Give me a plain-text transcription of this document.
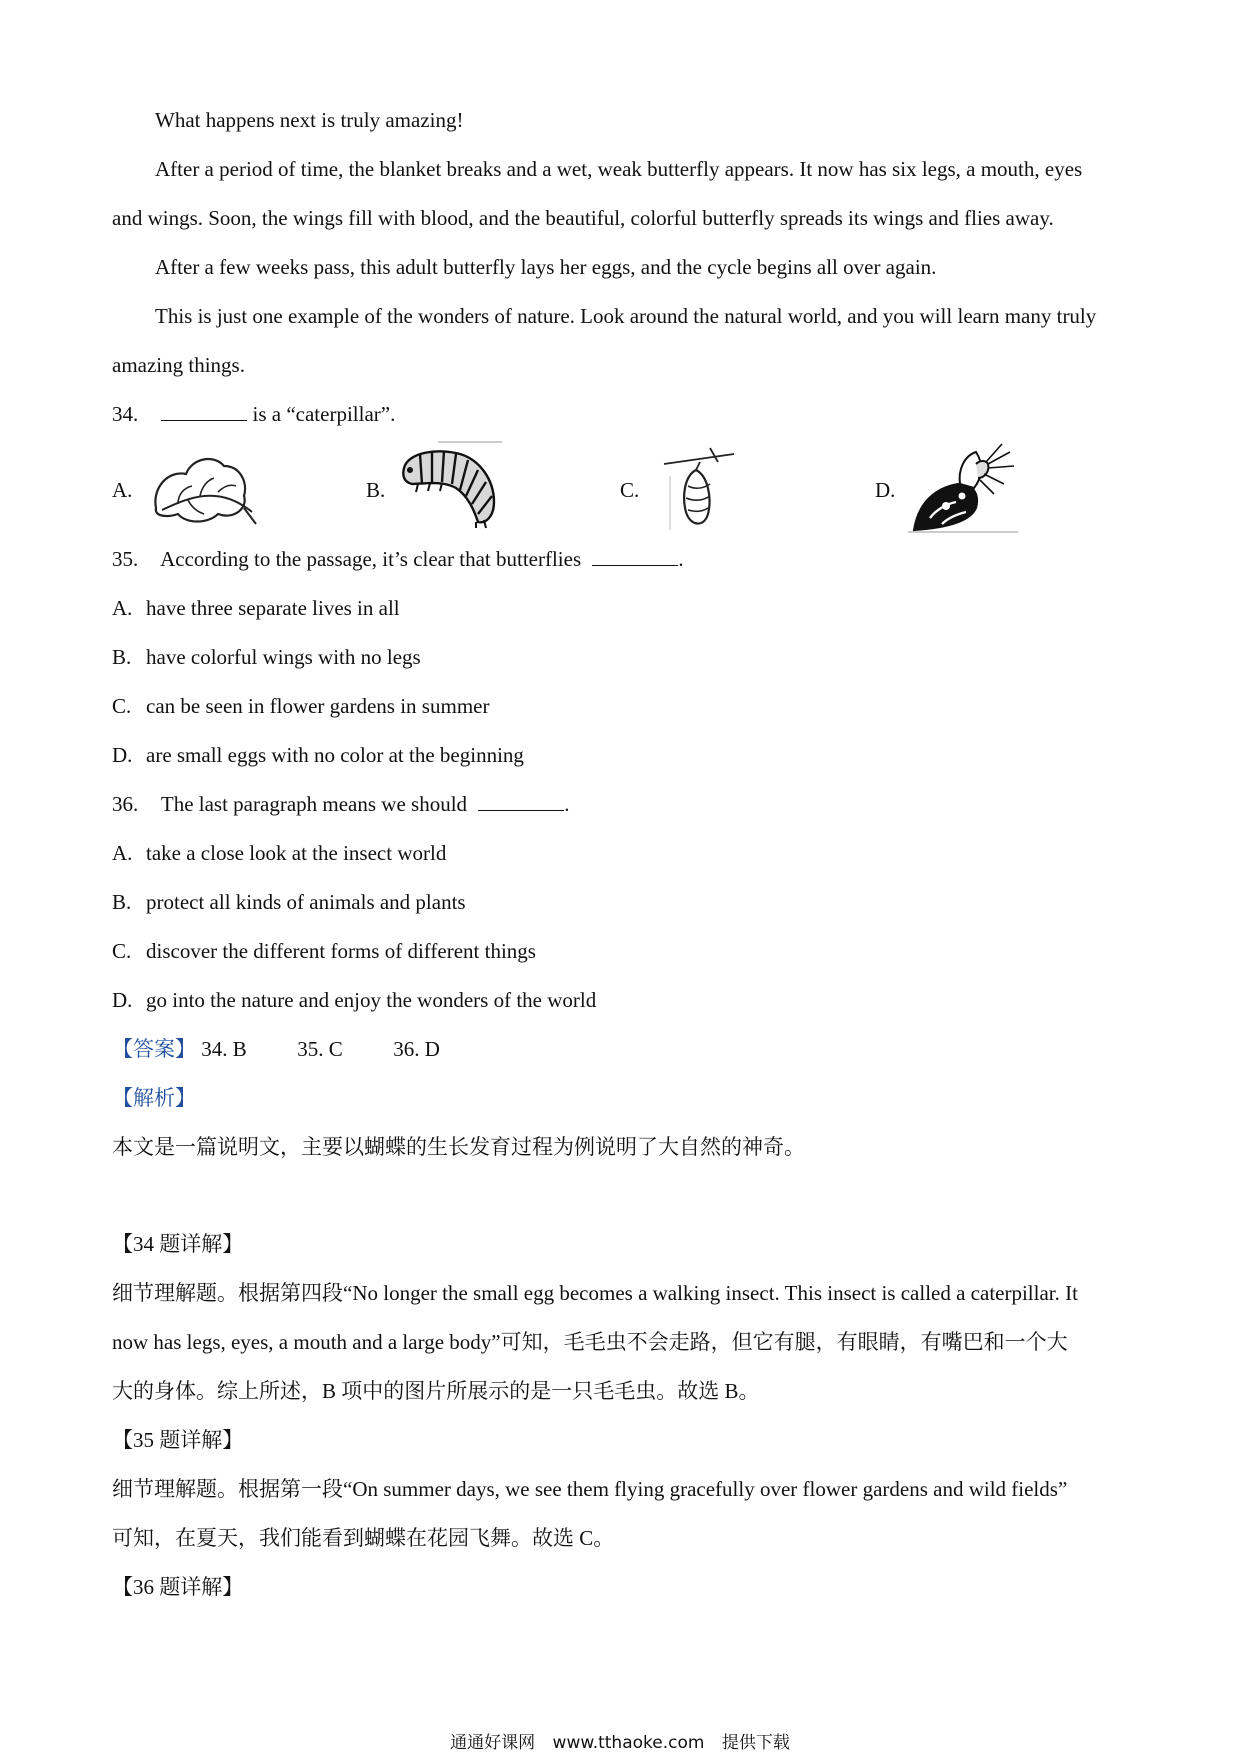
What happens next is truly amazing!
After a period of time, the blanket breaks and a wet, weak butterfly appears. It now has six legs, a mouth, eyes
and wings. Soon, the wings fill with blood, and the beautiful, colorful butterfly spreads its wings and flies away.
After a few weeks pass, this adult butterfly lays her eggs, and the cycle begins all over again.
This is just one example of the wonders of nature. Look around the natural world, and you will learn many truly
amazing things.
34.	is a “caterpillar”.
A.	B.	C.	D.
35. According to the passage, it’s clear that butterflies	.
A. have three separate lives in all
B. have colorful wings with no legs
C. can be seen in flower gardens in summer
D. are small eggs with no color at the beginning
36. The last paragraph means we should	.
A. take a close look at the insect world
B. protect all kinds of animals and plants
C. discover the different forms of different things
D. go into the nature and enjoy the wonders of the world
【答案】 34. B 35. C 36. D
【解析】
本文是一篇说明文，主要以蝴蝶的生长发育过程为例说明了大自然的神奇。
【34 题详解】
细节理解题。根据第四段“No longer the small egg becomes a walking insect. This insect is called a caterpillar. It
now has legs, eyes, a mouth and a large body”可知，毛毛虫不会走路，但它有腿，有眼睛，有嘴巴和一个大
大的身体。综上所述，B 项中的图片所展示的是一只毛毛虫。故选 B。
【35 题详解】
细节理解题。根据第一段“On summer days, we see them flying gracefully over flower gardens and wild fields”
可知，在夏天，我们能看到蝴蝶在花园飞舞。故选 C。
【36 题详解】
通通好课网 www.tthaoke.com 提供下载
